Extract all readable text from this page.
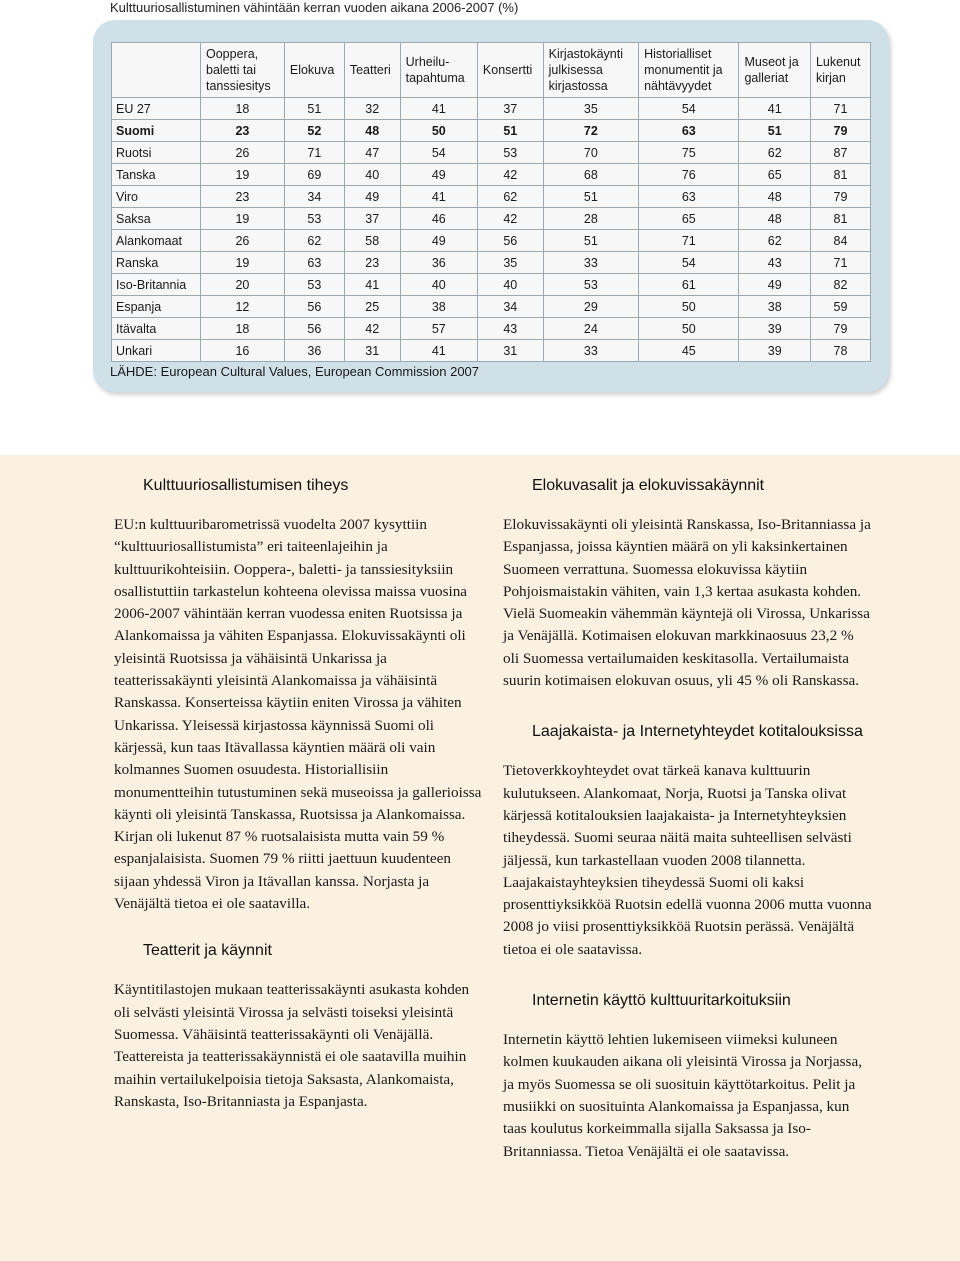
Kulttuuriosallistuminen vähintään kerran vuoden aikana 2006-2007 (%)
	Ooppera,
baletti tai
tanssiesitys	Elokuva	Teatteri	Urheilu-
tapahtuma	Konsertti	Kirjastokäynti
julkisessa
kirjastossa	Historialliset
monumentit ja
nähtävyydet	Museot ja
galleriat	Lukenut
kirjan
EU 27	18	51	32	41	37	35	54	41	71
Suomi	23	52	48	50	51	72	63	51	79
Ruotsi	26	71	47	54	53	70	75	62	87
Tanska	19	69	40	49	42	68	76	65	81
Viro	23	34	49	41	62	51	63	48	79
Saksa	19	53	37	46	42	28	65	48	81
Alankomaat	26	62	58	49	56	51	71	62	84
Ranska	19	63	23	36	35	33	54	43	71
Iso-Britannia	20	53	41	40	40	53	61	49	82
Espanja	12	56	25	38	34	29	50	38	59
Itävalta	18	56	42	57	43	24	50	39	79
Unkari	16	36	31	41	31	33	45	39	78
LÄHDE: European Cultural Values, European Commission 2007
Kulttuuriosallistumisen tiheys

EU:n kulttuuribarometrissä vuodelta 2007 kysyttiin “kulttuuriosallistumista” eri taiteenlajeihin ja kulttuurikohteisiin. Ooppera-, baletti- ja tanssiesityksiin osallistuttiin tarkastelun kohteena olevissa maissa vuosina 2006-2007 vähintään kerran vuodessa eniten Ruotsissa ja Alankomaissa ja vähiten Espanjassa. Elokuvissakäynti oli yleisintä Ruotsissa ja vähäisintä Unkarissa ja teatterissakäynti yleisintä Alankomaissa ja vähäisintä Ranskassa. Konserteissa käytiin eniten Virossa ja vähiten Unkarissa. Yleisessä kirjastossa käynnissä Suomi oli kärjessä, kun taas Itävallassa käyntien määrä oli vain kolmannes Suomen osuudesta. Historiallisiin monumentteihin tutustuminen sekä museoissa ja gallerioissa käynti oli yleisintä Tanskassa, Ruotsissa ja Alankomaissa. Kirjan oli lukenut 87 % ruotsalaisista mutta vain 59 % espanjalaisista. Suomen 79 % riitti jaettuun kuudenteen sijaan yhdessä Viron ja Itävallan kanssa. Norjasta ja Venäjältä tietoa ei ole saatavilla.

Teatterit ja käynnit

Käyntitilastojen mukaan teatterissakäynti asukasta kohden oli selvästi yleisintä Virossa ja selvästi toiseksi yleisintä Suomessa. Vähäisintä teatterissakäynti oli Venäjällä. Teattereista ja teatterissakäynnistä ei ole saatavilla muihin maihin vertailukelpoisia tietoja Saksasta, Alankomaista, Ranskasta, Iso-Britanniasta ja Espanjasta.

Elokuvasalit ja elokuvissakäynnit

Elokuvissakäynti oli yleisintä Ranskassa, Iso-Britanniassa ja Espanjassa, joissa käyntien määrä on yli kaksinkertainen Suomeen verrattuna. Suomessa elokuvissa käytiin Pohjoismaistakin vähiten, vain 1,3 kertaa asukasta kohden. Vielä Suomeakin vähemmän käyntejä oli Virossa, Unkarissa ja Venäjällä. Kotimaisen elokuvan markkinaosuus 23,2 % oli Suomessa vertailumaiden keskitasolla. Vertailumaista suurin kotimaisen elokuvan osuus, yli 45 % oli Ranskassa.

Laajakaista- ja Internetyhteydet kotitalouksissa

Tietoverkkoyhteydet ovat tärkeä kanava kulttuurin kulutukseen. Alankomaat, Norja, Ruotsi ja Tanska olivat kärjessä kotitalouksien laajakaista- ja Internetyhteyksien tiheydessä. Suomi seuraa näitä maita suhteellisen selvästi jäljessä, kun tarkastellaan vuoden 2008 tilannetta. Laajakaistayhteyksien tiheydessä Suomi oli kaksi prosenttiyksikköä Ruotsin edellä vuonna 2006 mutta vuonna 2008 jo viisi prosenttiyksikköä Ruotsin perässä. Venäjältä tietoa ei ole saatavissa.

Internetin käyttö kulttuuritarkoituksiin

Internetin käyttö lehtien lukemiseen viimeksi kuluneen kolmen kuukauden aikana oli yleisintä Virossa ja Norjassa, ja myös Suomessa se oli suosituin käyttötarkoitus. Pelit ja musiikki on suosituinta Alankomaissa ja Espanjassa, kun taas koulutus korkeimmalla sijalla Saksassa ja Iso-Britanniassa. Tietoa Venäjältä ei ole saatavissa.
